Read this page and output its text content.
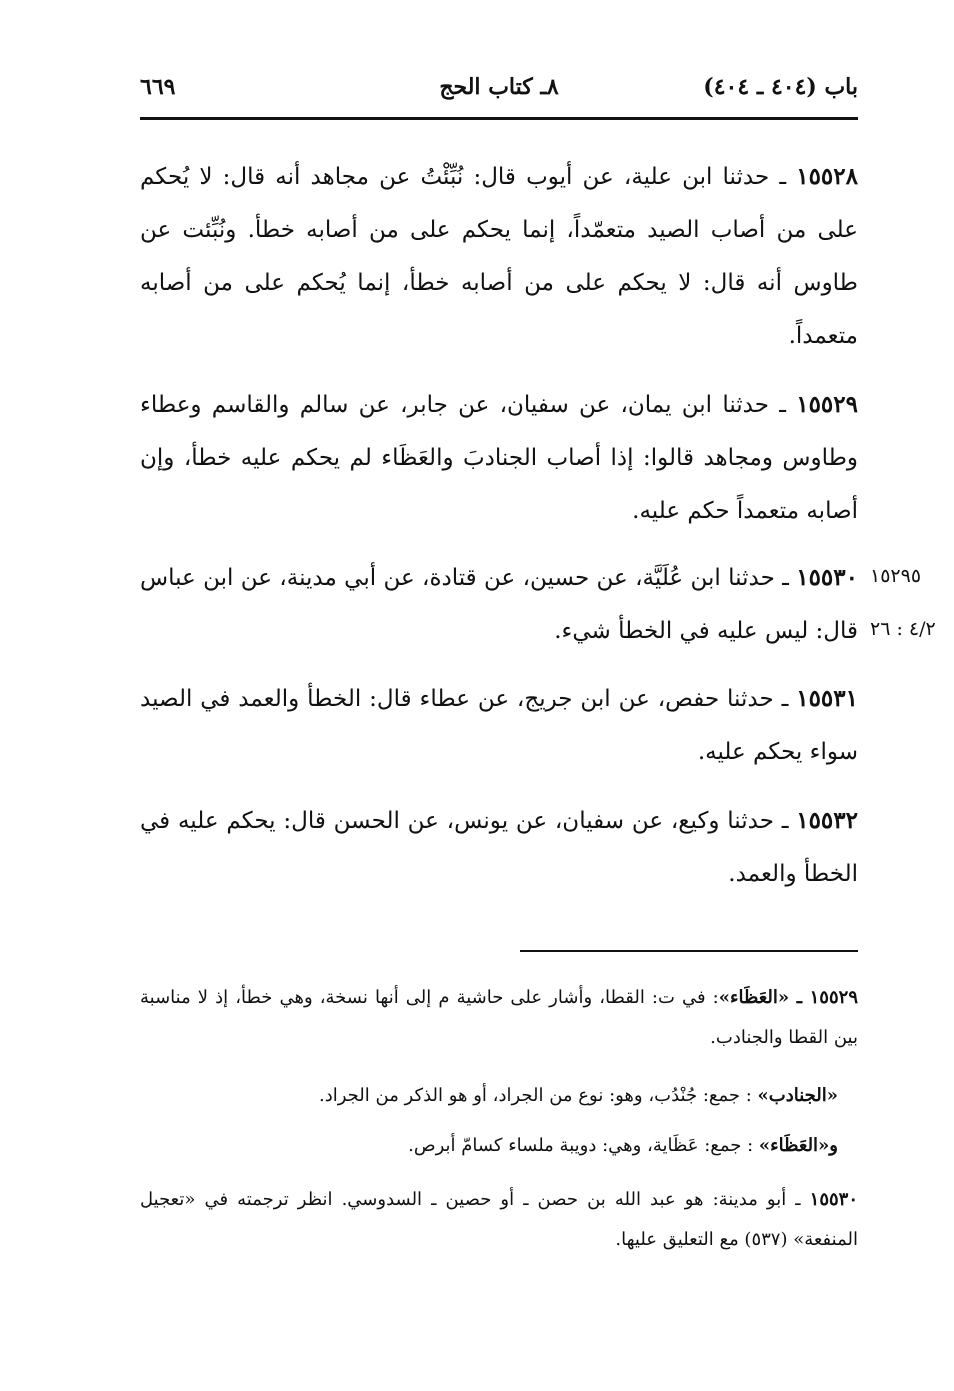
باب (٤٠٤ ـ ٤٠٤)
٨ـ كتاب الحج
٦٦٩
١٥٥٢٨ ـ حدثنا ابن علية، عن أيوب قال: نُبِّئْتُ عن مجاهد أنه قال: لا يُحكم على من أصاب الصيد متعمّداً، إنما يحكم على من أصابه خطأ. ونُبِّئت عن طاوس أنه قال: لا يحكم على من أصابه خطأ، إنما يُحكم على من أصابه متعمداً.
١٥٥٢٩ ـ حدثنا ابن يمان، عن سفيان، عن جابر، عن سالم والقاسم وعطاء وطاوس ومجاهد قالوا: إذا أصاب الجنادبَ والعَظَاء لم يحكم عليه خطأ، وإن أصابه متعمداً حكم عليه.
١٥٥٣٠ ـ حدثنا ابن عُلَيَّة، عن حسين، عن قتادة، عن أبي مدينة، عن ابن عباس قال: ليس عليه في الخطأ شيء.
١٥٢٩٥
٤/٢ : ٢٦
١٥٥٣١ ـ حدثنا حفص، عن ابن جريج، عن عطاء قال: الخطأ والعمد في الصيد سواء يحكم عليه.
١٥٥٣٢ ـ حدثنا وكيع، عن سفيان، عن يونس، عن الحسن قال: يحكم عليه في الخطأ والعمد.
١٥٥٢٩ ـ «العَظَاء»: في ت: القطا، وأشار على حاشية م إلى أنها نسخة، وهي خطأ، إذ لا مناسبة بين القطا والجنادب.
«الجنادب» : جمع: جُنْدُب، وهو: نوع من الجراد، أو هو الذكر من الجراد.
و«العَظَاء» : جمع: عَظَاية، وهي: دويبة ملساء كسامّ أبرص.
١٥٥٣٠ ـ أبو مدينة: هو عبد الله بن حصن ـ أو حصين ـ السدوسي. انظر ترجمته في «تعجيل المنفعة» (٥٣٧) مع التعليق عليها.
